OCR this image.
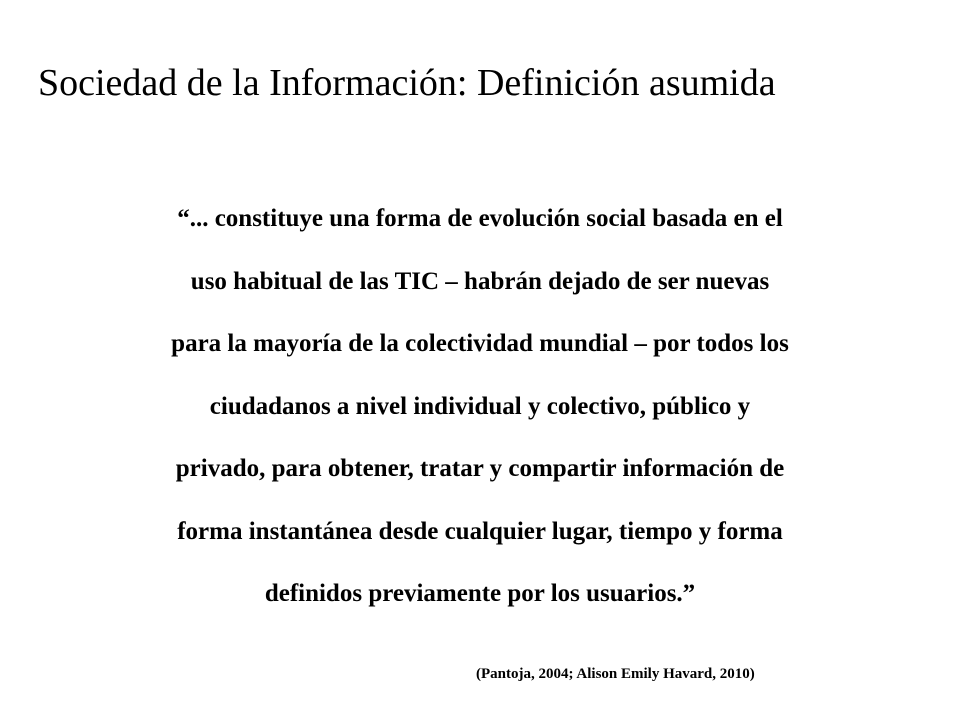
Sociedad de la Información: Definición asumida
“... constituye una forma de evolución social basada en el
uso habitual de las TIC – habrán dejado de ser nuevas
para la mayoría de la colectividad mundial – por todos los
ciudadanos a nivel individual y colectivo, público y
privado, para obtener, tratar y compartir información de
forma instantánea desde cualquier lugar, tiempo y forma
definidos previamente por los usuarios.”
(Pantoja, 2004; Alison Emily Havard, 2010)
